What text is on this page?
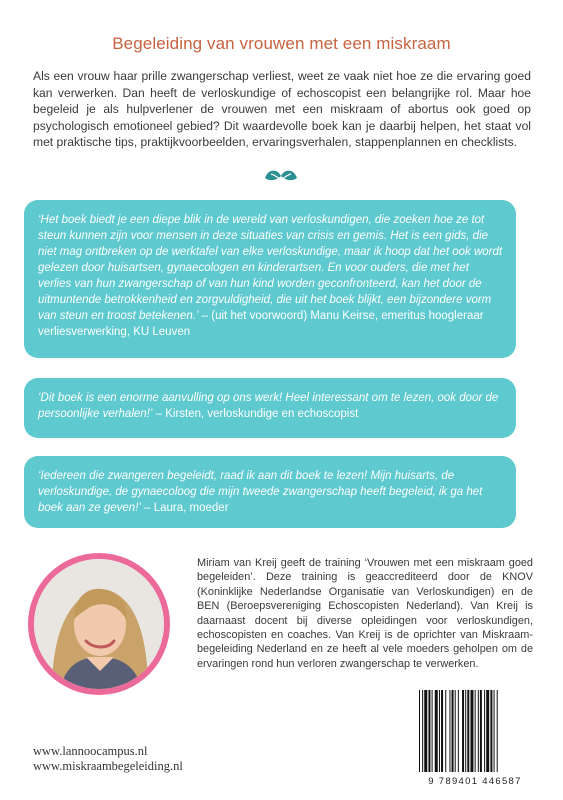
Begeleiding van vrouwen met een miskraam
Als een vrouw haar prille zwangerschap verliest, weet ze vaak niet hoe ze die ervaring goed kan verwerken. Dan heeft de verloskundige of echoscopist een belangrijke rol. Maar hoe begeleid je als hulpverlener de vrouwen met een miskraam of abortus ook goed op psychologisch emotioneel gebied? Dit waardevolle boek kan je daarbij helpen, het staat vol met praktische tips, praktijkvoorbeelden, ervaringsverhalen, stappenplannen en checklists.
‘Het boek biedt je een diepe blik in de wereld van verloskundigen, die zoeken hoe ze tot steun kunnen zijn voor mensen in deze situaties van crisis en gemis. Het is een gids, die niet mag ontbreken op de werktafel van elke verloskundige, maar ik hoop dat het ook wordt gelezen door huisartsen, gynaecologen en kinderartsen. En voor ouders, die met het verlies van hun zwangerschap of van hun kind worden geconfronteerd, kan het door de uitmuntende betrokkenheid en zorgvuldigheid, die uit het boek blijkt, een bijzondere vorm van steun en troost betekenen.’ – (uit het voorwoord) Manu Keirse, emeritus hoogleraar verliesverwerking, KU Leuven
‘Dit boek is een enorme aanvulling op ons werk! Heel interessant om te lezen, ook door de persoonlijke verhalen!’ – Kirsten, verloskundige en echoscopist
‘Iedereen die zwangeren begeleidt, raad ik aan dit boek te lezen! Mijn huisarts, de verloskundige, de gynaecoloog die mijn tweede zwangerschap heeft begeleid, ik ga het boek aan ze geven!’ – Laura, moeder
Miriam van Kreij geeft de training ‘Vrouwen met een miskraam goed begeleiden’. Deze training is geaccrediteerd door de KNOV (Koninklijke Nederlandse Organisatie van Verloskundigen) en de BEN (Beroepsvereniging Echoscopisten Nederland). Van Kreij is daarnaast docent bij diverse opleidingen voor verloskundigen, echoscopisten en coaches. Van Kreij is de oprichter van Miskraambegeleiding Nederland en ze heeft al vele moeders geholpen om de ervaringen rond hun verloren zwangerschap te verwerken.
www.lannoocampus.nl
www.miskraambegeleiding.nl
9 789401 446587
